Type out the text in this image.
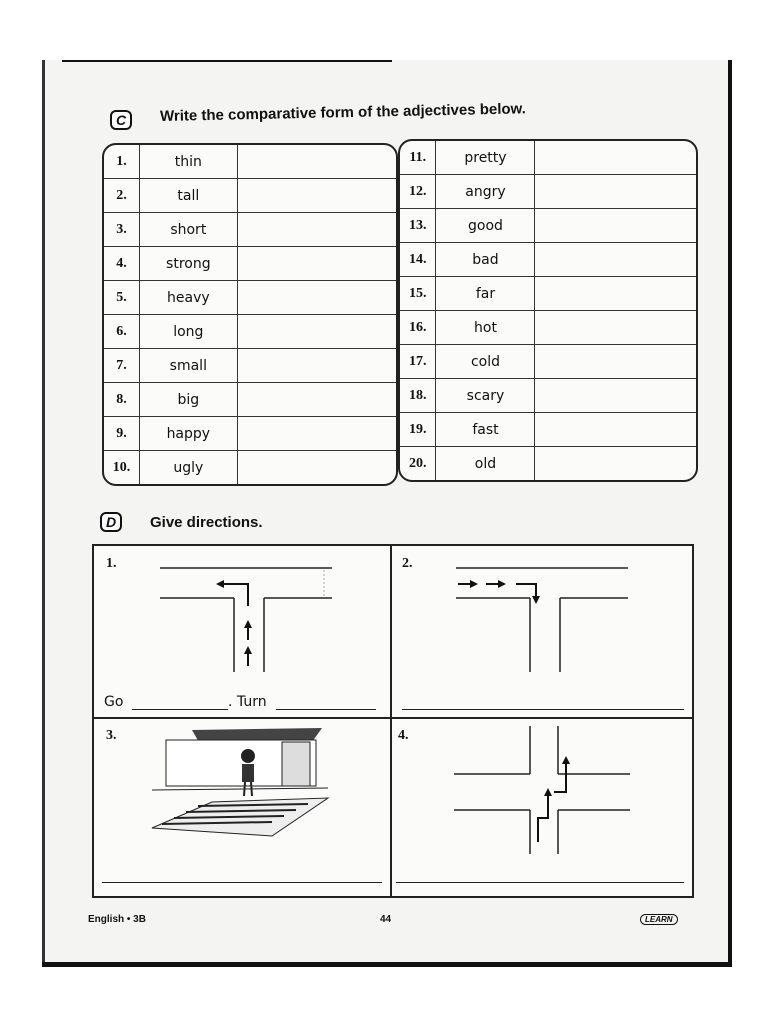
C	Write the comparative form of the adjectives below.
1.	thin	
2.	tall	
3.	short	
4.	strong	
5.	heavy	
6.	long	
7.	small	
8.	big	
9.	happy	
10.	ugly	
11.	pretty	
12.	angry	
13.	good	
14.	bad	
15.	far	
16.	hot	
17.	cold	
18.	scary	
19.	fast	
20.	old	
D	Give directions.
1.
Go	. Turn
2.
3.	4.
English • 3B	44	LEARN
